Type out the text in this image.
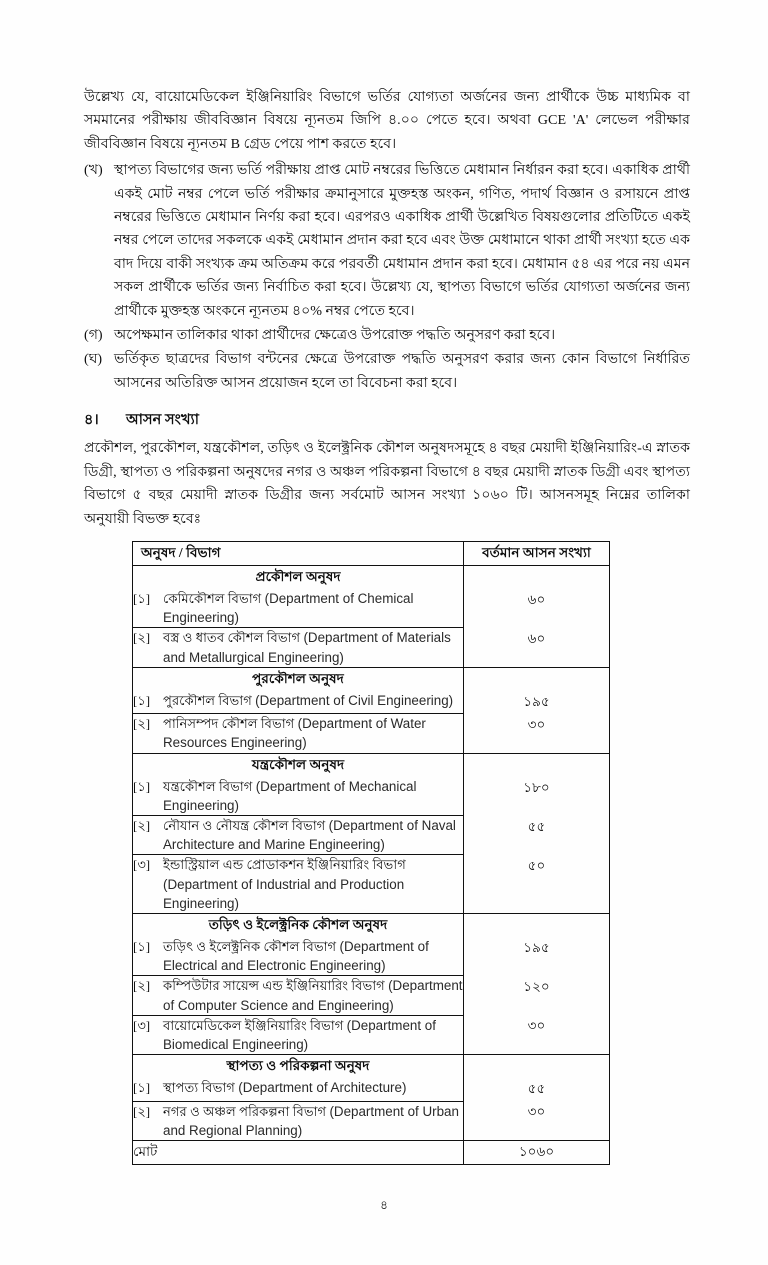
উল্লেখ্য যে, বায়োমেডিকেল ইঞ্জিনিয়ারিং বিভাগে ভর্তির যোগ্যতা অর্জনের জন্য প্রার্থীকে উচ্চ মাধ্যমিক বা সমমানের পরীক্ষায় জীববিজ্ঞান বিষয়ে ন্যূনতম জিপি ৪.০০ পেতে হবে। অথবা GCE 'A' লেভেল পরীক্ষার জীববিজ্ঞান বিষয়ে ন্যূনতম B গ্রেড পেয়ে পাশ করতে হবে।

(খ) স্থাপত্য বিভাগের জন্য ভর্তি পরীক্ষায় প্রাপ্ত মোট নম্বরের ভিত্তিতে মেধামান নির্ধারন করা হবে। একাধিক প্রার্থী একই মোট নম্বর পেলে ভর্তি পরীক্ষার ক্রমানুসারে মুক্তহস্ত অংকন, গণিত, পদার্থ বিজ্ঞান ও রসায়নে প্রাপ্ত নম্বরের ভিত্তিতে মেধামান নির্ণয় করা হবে। এরপরও একাধিক প্রার্থী উল্লেখিত বিষয়গুলোর প্রতিটিতে একই নম্বর পেলে তাদের সকলকে একই মেধামান প্রদান করা হবে এবং উক্ত মেধামানে থাকা প্রার্থী সংখ্যা হতে এক বাদ দিয়ে বাকী সংখ্যক ক্রম অতিক্রম করে পরবর্তী মেধামান প্রদান করা হবে। মেধামান ৫৪ এর পরে নয় এমন সকল প্রার্থীকে ভর্তির জন্য নির্বাচিত করা হবে। উল্লেখ্য যে, স্থাপত্য বিভাগে ভর্তির যোগ্যতা অর্জনের জন্য প্রার্থীকে মুক্তহস্ত অংকনে ন্যূনতম ৪০% নম্বর পেতে হবে।
(গ) অপেক্ষমান তালিকার থাকা প্রার্থীদের ক্ষেত্রেও উপরোক্ত পদ্ধতি অনুসরণ করা হবে।
(ঘ) ভর্তিকৃত ছাত্রদের বিভাগ বন্টনের ক্ষেত্রে উপরোক্ত পদ্ধতি অনুসরণ করার জন্য কোন বিভাগে নির্ধারিত আসনের অতিরিক্ত আসন প্রয়োজন হলে তা বিবেচনা করা হবে।
৪।	আসন সংখ্যা

প্রকৌশল, পুরকৌশল, যন্ত্রকৌশল, তড়িৎ ও ইলেক্ট্রনিক কৌশল অনুষদসমূহে ৪ বছর মেয়াদী ইঞ্জিনিয়ারিং-এ স্নাতক ডিগ্রী, স্থাপত্য ও পরিকল্পনা অনুষদের নগর ও অঞ্চল পরিকল্পনা বিভাগে ৪ বছর মেয়াদী স্নাতক ডিগ্রী এবং স্থাপত্য বিভাগে ৫ বছর মেয়াদী স্নাতক ডিগ্রীর জন্য সর্বমোট আসন সংখ্যা ১০৬০ টি। আসনসমূহ নিম্নের তালিকা অনুযায়ী বিভক্ত হবেঃ

অনুষদ / বিভাগ	বর্তমান আসন সংখ্যা
প্রকৌশল অনুষদ	

[১] কেমিকৌশল বিভাগ (Department of Chemical Engineering)	৬০

[২] বস্ত্র ও ধাতব কৌশল বিভাগ (Department of Materials and Metallurgical Engineering)	৬০
পুরকৌশল অনুষদ	

[১] পুরকৌশল বিভাগ (Department of Civil Engineering)	১৯৫

[২] পানিসম্পদ কৌশল বিভাগ (Department of Water Resources Engineering)	৩০
যন্ত্রকৌশল অনুষদ	

[১] যন্ত্রকৌশল বিভাগ (Department of Mechanical Engineering)	১৮০

[২] নৌযান ও নৌযন্ত্র কৌশল বিভাগ (Department of Naval Architecture and Marine Engineering)	৫৫

[৩] ইন্ডাস্ট্রিয়াল এন্ড প্রোডাকশন ইঞ্জিনিয়ারিং বিভাগ (Department of Industrial and Production Engineering)	৫০
তড়িৎ ও ইলেক্ট্রনিক কৌশল অনুষদ	

[১] তড়িৎ ও ইলেক্ট্রনিক কৌশল বিভাগ (Department of Electrical and Electronic Engineering)	১৯৫

[২] কম্পিউটার সায়েন্স এন্ড ইঞ্জিনিয়ারিং বিভাগ (Department of Computer Science and Engineering)	১২০

[৩] বায়োমেডিকেল ইঞ্জিনিয়ারিং বিভাগ (Department of Biomedical Engineering)	৩০
স্থাপত্য ও পরিকল্পনা অনুষদ	

[১] স্থাপত্য বিভাগ (Department of Architecture)	৫৫

[২] নগর ও অঞ্চল পরিকল্পনা বিভাগ (Department of Urban and Regional Planning)	৩০
মোট	১০৬০
৪
